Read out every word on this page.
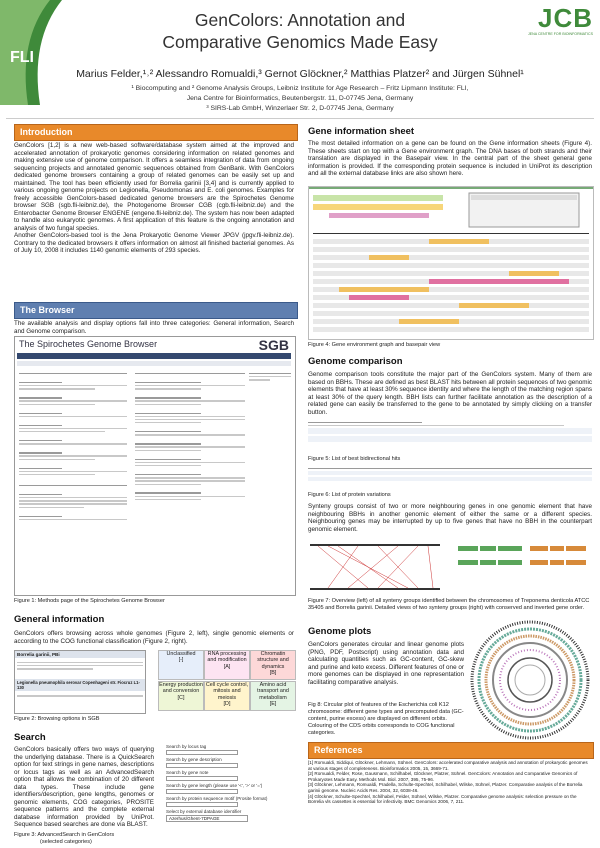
FLI
JCB
JENA CENTRE FOR BIOINFORMATICS
GenColors: Annotation and
Comparative Genomics Made Easy
Marius Felder,¹˒² Alessandro Romualdi,³ Gernot Glöckner,² Matthias Platzer² and Jürgen Sühnel¹
¹ Biocomputing and ² Genome Analysis Groups, Leibniz Institute for Age Research – Fritz Lipmann Institute: FLI,
Jena Centre for Bioinformatics, Beutenbergstr. 11, D-07745 Jena, Germany
³ SIRS-Lab GmbH, Winzerlaer Str. 2, D-07745 Jena, Germany
Introduction
GenColors [1,2] is a new web-based software/database system aimed at the improved and accelerated annotation of prokaryotic genomes considering information on related genomes and making extensive use of genome comparison. It offers a seamless integration of data from ongoing sequencing projects and annotated genomic sequences obtained from GenBank. With GenColors dedicated genome browsers containing a group of related genomes can be easily set up and maintained. The tool has been efficiently used for Borrelia garinii [3,4] and is currently applied to various ongoing genome projects on Legionella, Pseudomonas and E. coli genomes. Examples for freely accessible GenColors-based dedicated genome browsers are the Spirochetes Genome browser SGB (sgb.fli-leibniz.de), the Photogenome Browser CGB (cgb.fli-leibniz.de) and the Enterobacter Genome Browser ENGENE (engene.fli-leibniz.de). The system has now been adapted to handle also eukaryotic genomes. A first application of this feature is the ongoing annotation and analysis of two fungal species.
Another GenColors-based tool is the Jena Prokaryotic Genome Viewer JPGV (jpgv.fli-leibniz.de). Contrary to the dedicated browsers it offers information on almost all finished bacterial genomes. As of July 10, 2008 it includes 1140 genomic elements of 293 species.
The Browser
The available analysis and display options fall into three categories: General information, Search and Genome comparison.
The Spirochetes Genome Browser	SGB
Figure 1: Methods page of the Spirochetes Genome Browser
General information
GenColors offers browsing across whole genomes (Figure 2, left), single genomic elements or according to the COG functional classification (Figure 2, right).
Borrelia garinii, PBi
Legionella pneumophila serovar Copenhageni str. Fiocruz L1-130
Unclassified
[-]
RNA processing and modification
[A]
Chromatin structure and dynamics
[B]
Energy production and conversion
[C]
Cell cycle control, mitosis and meiosis
[D]
Amino acid transport and metabolism
[E]
Figure 2: Browsing options in SGB
Search
GenColors basically offers two ways of querying the underlying database. There is a QuickSearch option for text strings in gene names, descriptions or locus tags as well as an AdvancedSearch option that allows the combination of 20 different data types. These include gene identifiers/description, gene lengths, genomes or genomic elements, COG categories, PROSITE sequence patterns and the complete external database information provided by UniProt. Sequence based searches are done via BLAST.
Search by locus tag
Search by gene description
Search by gene note
Search by gene length (please use '<', '>' or '=')
Search by protein sequence motif (Prosite format)
Select by external database identifier
Azerhus/Ghent-7DPAGE
Figure 3: AdvancedSearch in GenColors
(selected categories)
Gene information sheet
The most detailed information on a gene can be found on the Gene information sheets (Figure 4). These sheets start on top with a Gene environment graph. The DNA bases of both strands and their translation are displayed in the Basepair view. In the central part of the sheet general gene information is provided. If the corresponding protein sequence is included in UniProt its description and all the external database links are also shown here.
Figure 4: Gene environment graph and basepair view
Genome comparison
Genome comparison tools constitute the major part of the GenColors system. Many of them are based on BBHs. These are defined as best BLAST hits between all protein sequences of two genomic elements that have at least 30% sequence identity and where the length of the matching region spans at least 30% of the query length. BBH lists can further facilitate annotation as the description of a related gene can easily be transferred to the gene to be annotated by simply clicking on a transfer button.
Figure 5: List of best bidirectional hits
Figure 6: List of protein variations
Synteny groups consist of two or more neighbouring genes in one genomic element that have neighbouring BBHs in another genomic element of either the same or a different species. Neighbouring genes may be interrupted by up to five genes that have no BBH in the counterpart genomic element.
Figure 7: Overview (left) of all synteny groups identified between the chromosomes of Treponema denticola ATCC 35405 and Borrelia garinii. Detailed views of two synteny groups (right) with conserved and inverted gene order.
Genome plots
GenColors generates circular and linear genome plots (PNG, PDF, Postscript) using annotation data and calculating quantities such as GC-content, GC-skew and purine and keto excess. Different features of one or more genomes can be displayed in one representation facilitating comparative analysis.
Fig 8: Circular plot of features of the Escherichia coli K12 chromosome: different gene types and precomputed data (GC-content, purine excess) are displayed on different orbits. Colouring of the CDS orbits corresponds to COG functional categories.
References
[1] Romualdi, Siddiqui, Glöckner, Lehmann, Sühnel. GenColors: accelerated comparative analysis and annotation of prokaryotic genomes at various stages of completeness. Bioinformatics 2005, 15, 3669-71.
[2] Romualdi, Felder, Rose, Gausmann, Schilhabel, Glöckner, Platzer, Sühnel. GenColors: Annotation and Comparative Genomics of Prokaryotes Made Easy. Methods Mol. Biol. 2007, 395, 75-96.
[3] Glöckner, Lehmann, Romualdi, Pradella, Schulte-Spechtel, Schilhabel, Wilske, Sühnel, Platzer. Comparative analysis of the Borrelia garinii genome. Nucleic Acids Res. 2004, 32, 6038-46.
[4] Glöckner, Schulte-Spechtel, Schilhabel, Felder, Sühnel, Wilske, Platzer. Comparative genome analysis: selection pressure on the Borrelia vls cassettes is essential for infectivity. BMC Genomics 2006, 7, 211.
